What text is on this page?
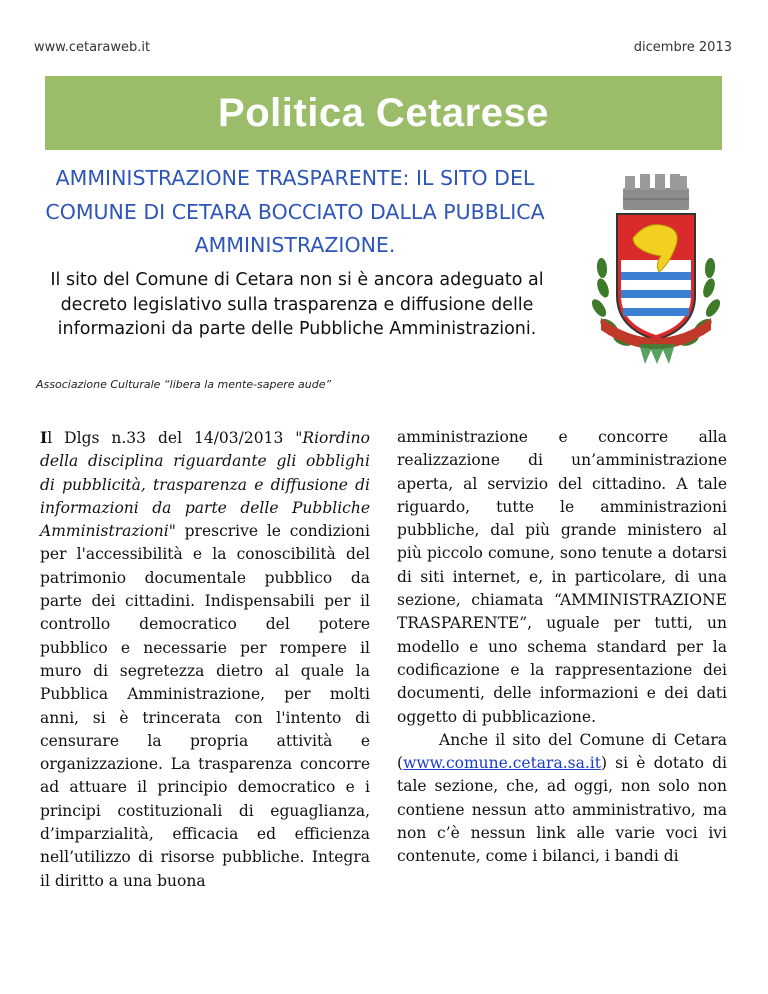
www.cetaraweb.it	dicembre 2013
Politica Cetarese
AMMINISTRAZIONE TRASPARENTE: IL SITO DEL COMUNE DI CETARA BOCCIATO DALLA PUBBLICA AMMINISTRAZIONE.
Il sito del Comune di Cetara non si è ancora adeguato al decreto legislativo sulla trasparenza e diffusione delle informazioni da parte delle Pubbliche Amministrazioni.
Associazione Culturale “libera la mente-sapere aude”

Il Dlgs n.33 del 14/03/2013 "Riordino della disciplina riguardante gli obblighi di pubblicità, trasparenza e diffusione di informazioni da parte delle Pubbliche Amministrazioni" prescrive le condizioni per l'accessibilità e la conoscibilità del patrimonio documentale pubblico da parte dei cittadini. Indispensabili per il controllo democratico del potere pubblico e necessarie per rompere il muro di segretezza dietro al quale la Pubblica Amministrazione, per molti anni, si è trincerata con l'intento di censurare la propria attività e organizzazione. La trasparenza concorre ad attuare il principio democratico e i principi costituzionali di eguaglianza, d’imparzialità, efficacia ed efficienza nell’utilizzo di risorse pubbliche. Integra il diritto a una buona

amministrazione e concorre alla realizzazione di un’amministrazione aperta, al servizio del cittadino. A tale riguardo, tutte le amministrazioni pubbliche, dal più grande ministero al più piccolo comune, sono tenute a dotarsi di siti internet, e, in particolare, di una sezione, chiamata “AMMINISTRAZIONE TRASPARENTE”, uguale per tutti, un modello e uno schema standard per la codificazione e la rappresentazione dei documenti, delle informazioni e dei dati oggetto di pubblicazione.

Anche il sito del Comune di Cetara (www.comune.cetara.sa.it) si è dotato di tale sezione, che, ad oggi, non solo non contiene nessun atto amministrativo, ma non c’è nessun link alle varie voci ivi contenute, come i bilanci, i bandi di
